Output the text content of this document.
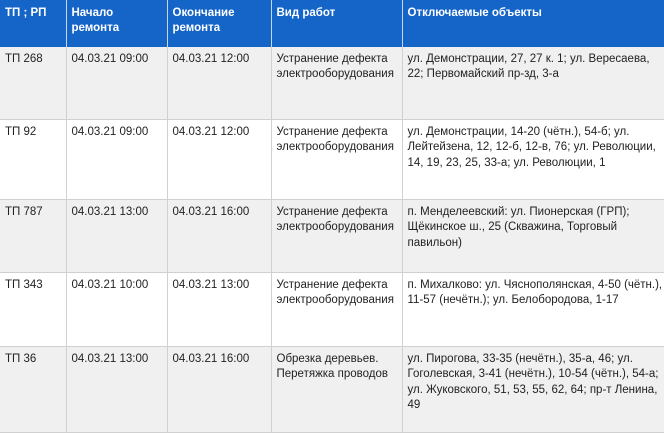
ТП ; РП	Начало ремонта	Окончание ремонта	Вид работ	Отключаемые объекты
ТП 268	04.03.21 09:00	04.03.21 12:00	Устранение дефекта электрооборудования	ул. Демонстрации, 27, 27 к. 1; ул. Вересаева, 22; Первомайский пр-зд, 3-а
ТП 92	04.03.21 09:00	04.03.21 12:00	Устранение дефекта электрооборудования	ул. Демонстрации, 14-20 (чётн.), 54-б; ул. Лейтейзена, 12, 12-б, 12-в, 76; ул. Революции, 14, 19, 23, 25, 33-а; ул. Революции, 1
ТП 787	04.03.21 13:00	04.03.21 16:00	Устранение дефекта электрооборудования	п. Менделеевский: ул. Пионерская (ГРП); Щёкинское ш., 25 (Скважина, Торговый павильон)
ТП 343	04.03.21 10:00	04.03.21 13:00	Устранение дефекта электрооборудования	п. Михалково: ул. Чяснополянская, 4-50 (чётн.), 11-57 (нечётн.); ул. Белобородова, 1-17
ТП 36	04.03.21 13:00	04.03.21 16:00	Обрезка деревьев. Перетяжка проводов	ул. Пирогова, 33-35 (нечётн.), 35-а, 46; ул. Гоголевская, 3-41 (нечётн.), 10-54 (чётн.), 54-а; ул. Жуковского, 51, 53, 55, 62, 64; пр-т Ленина, 49
